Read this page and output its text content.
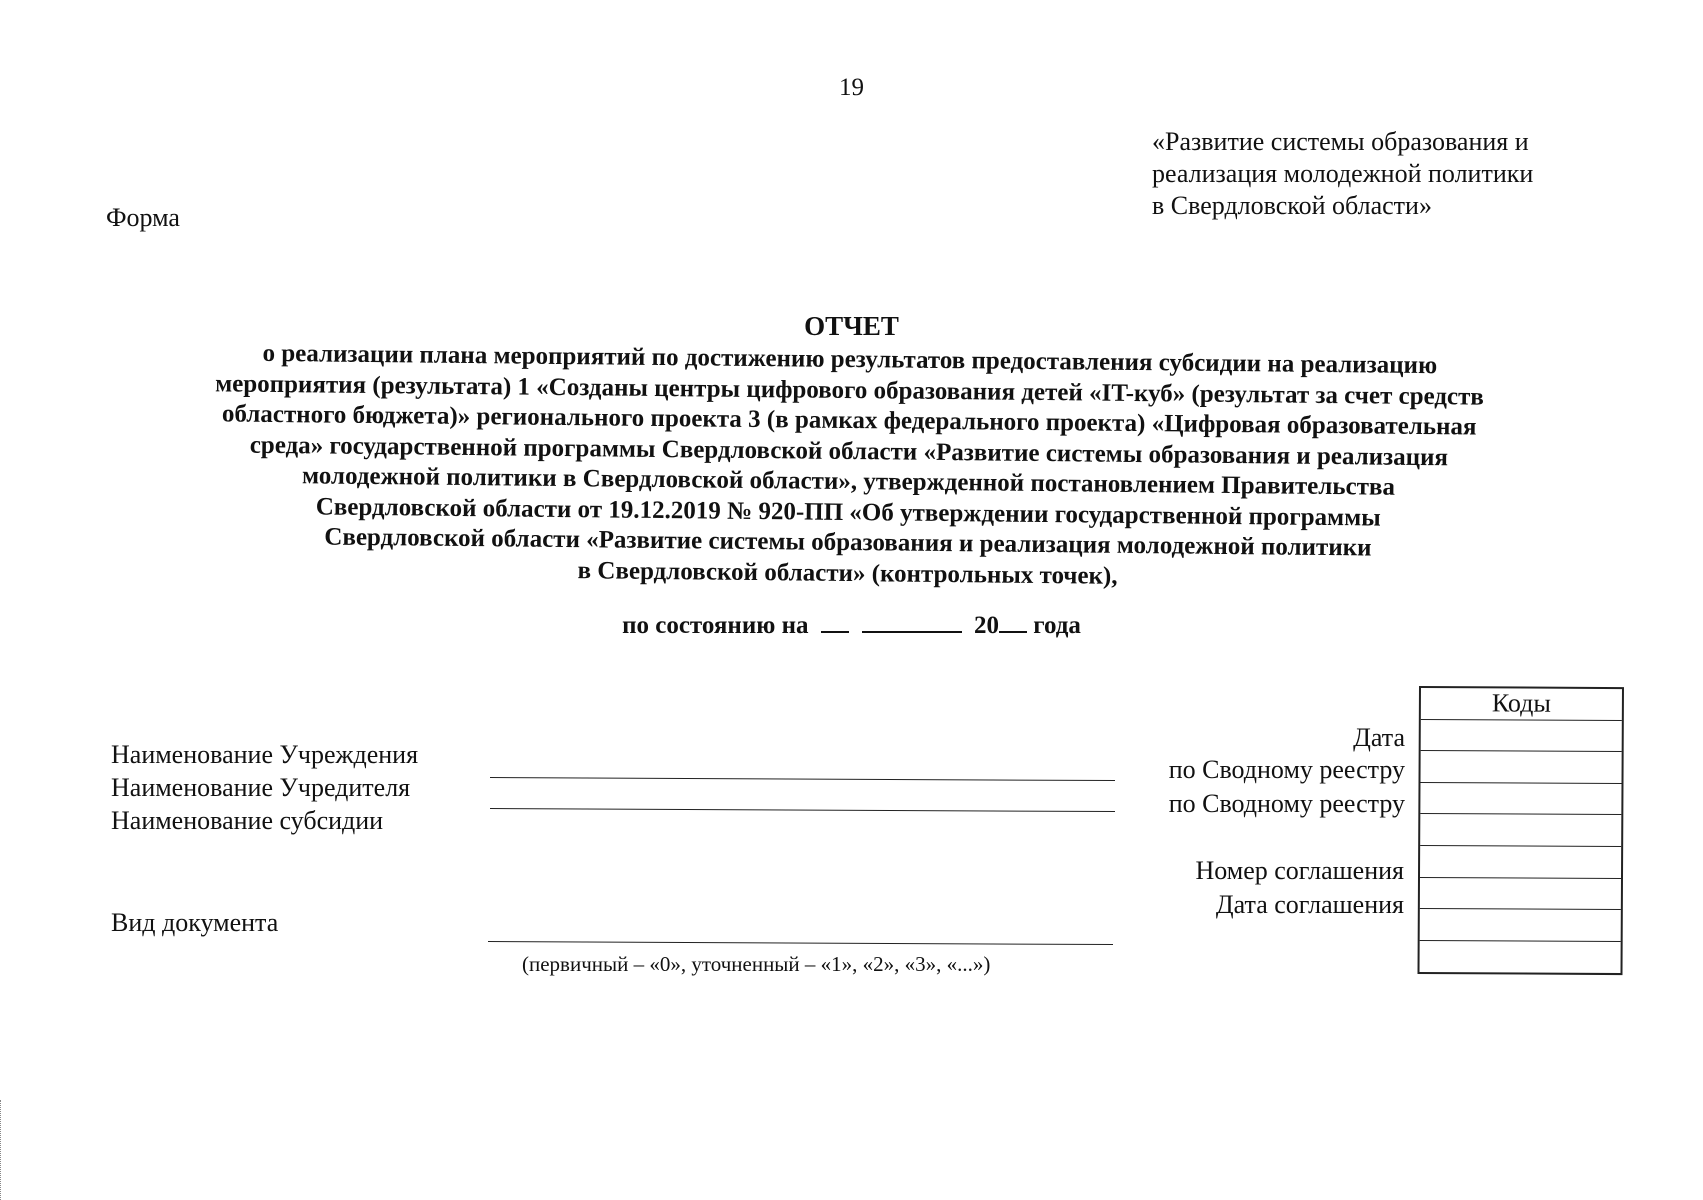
19
«Развитие системы образования и
реализация молодежной политики
в Свердловской области»
Форма
ОТЧЕТ
о реализации плана мероприятий по достижению результатов предоставления субсидии на реализацию
мероприятия (результата) 1 «Созданы центры цифрового образования детей «IT-куб» (результат за счет средств
областного бюджета)» регионального проекта 3 (в рамках федерального проекта) «Цифровая образовательная
среда» государственной программы Свердловской области «Развитие системы образования и реализация
молодежной политики в Свердловской области», утвержденной постановлением Правительства
Свердловской области от 19.12.2019 № 920-ПП «Об утверждении государственной программы
Свердловской области «Развитие системы образования и реализация молодежной политики
в Свердловской области» (контрольных точек),
по состоянию на	20 года
Наименование Учреждения
Наименование Учредителя
Наименование субсидии
Вид документа
(первичный – «0», уточненный – «1», «2», «3», «...»)
Дата
по Сводному реестру
по Сводному реестру
Номер соглашения
Дата соглашения
Коды
